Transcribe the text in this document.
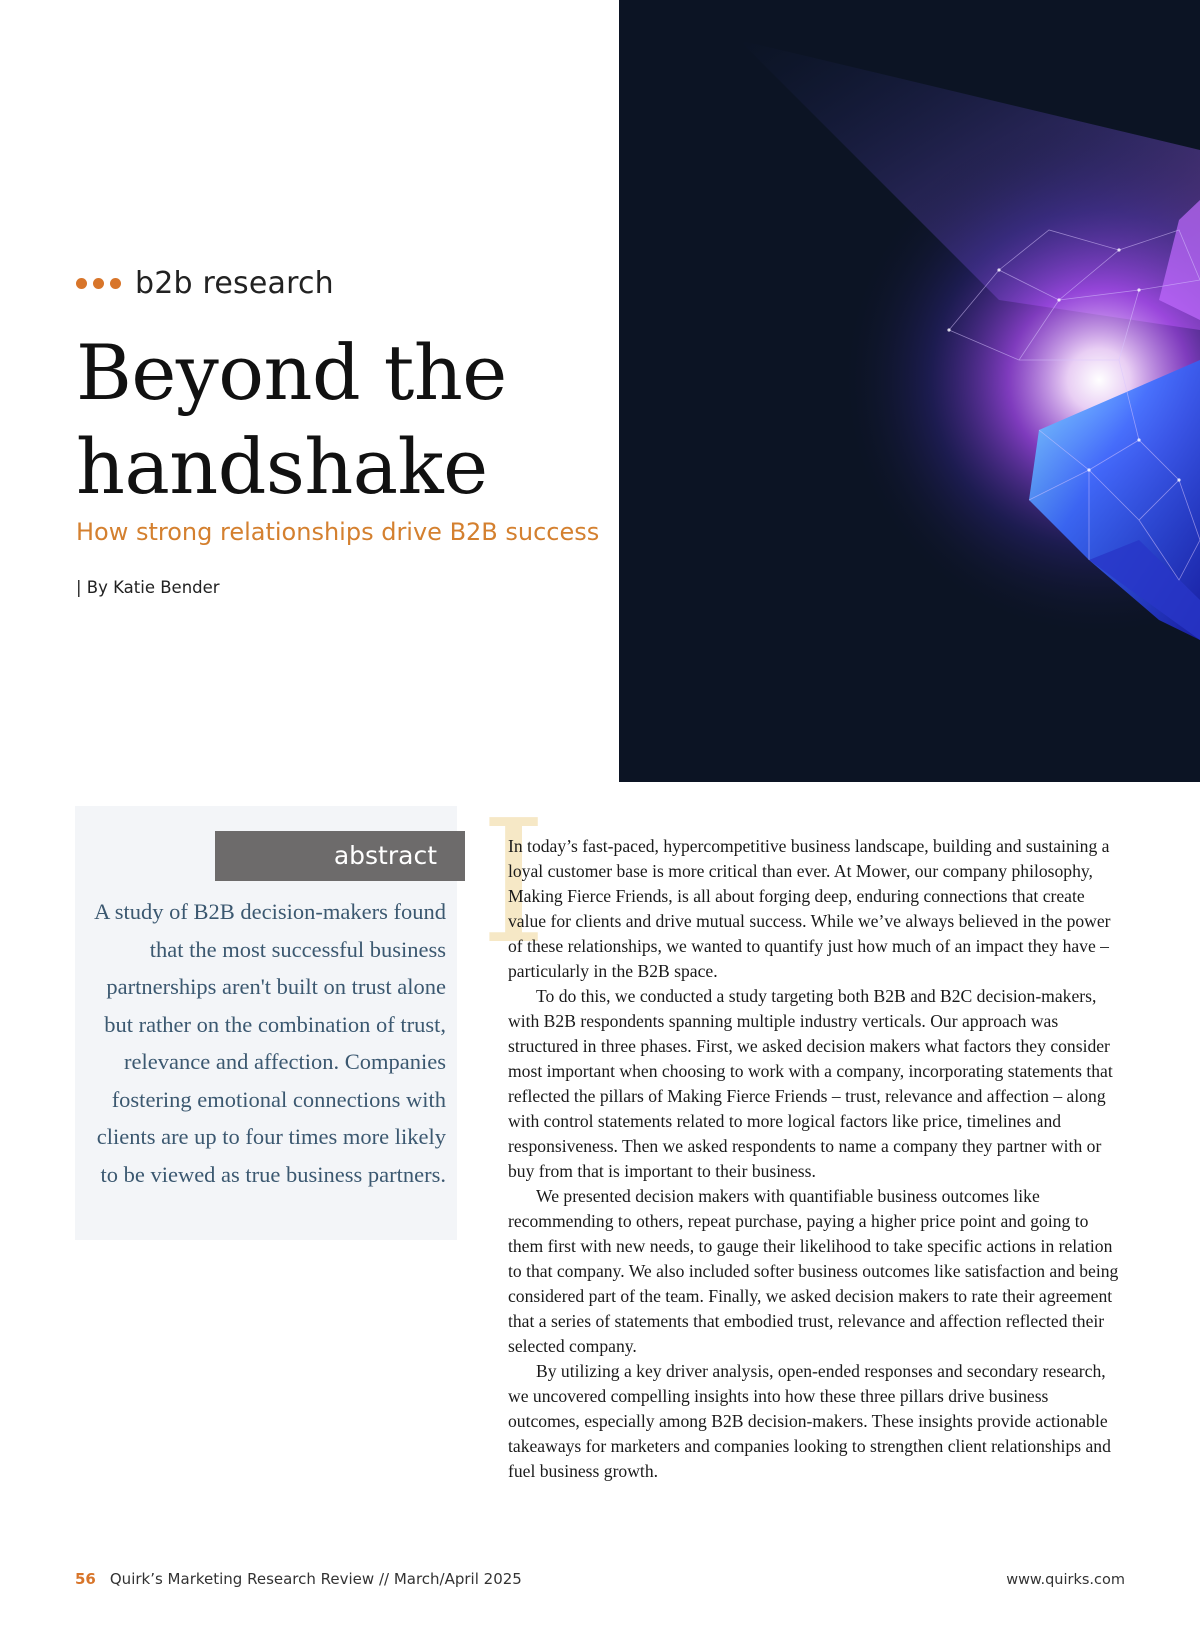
b2b research
Beyond the handshake
How strong relationships drive B2B success
| By Katie Bender
abstract

A study of B2B decision-makers found that the most successful business partnerships aren't built on trust alone but rather on the combination of trust, relevance and affection. Companies fostering emotional connections with clients are up to four times more likely to be viewed as true business partners.

I

In today’s fast-paced, hypercompetitive business landscape, building and sustaining a loyal customer base is more critical than ever. At Mower, our company philosophy, Making Fierce Friends, is all about forging deep, enduring connections that create value for clients and drive mutual success. While we’ve always believed in the power of these relationships, we wanted to quantify just how much of an impact they have – particularly in the B2B space.

To do this, we conducted a study targeting both B2B and B2C decision-makers, with B2B respondents spanning multiple industry verticals. Our approach was structured in three phases. First, we asked decision makers what factors they consider most important when choosing to work with a company, incorporating statements that reflected the pillars of Making Fierce Friends – trust, relevance and affection – along with control statements related to more logical factors like price, timelines and responsiveness. Then we asked respondents to name a company they partner with or buy from that is important to their business.

We presented decision makers with quantifiable business outcomes like recommending to others, repeat purchase, paying a higher price point and going to them first with new needs, to gauge their likelihood to take specific actions in relation to that company. We also included softer business outcomes like satisfaction and being considered part of the team. Finally, we asked decision makers to rate their agreement that a series of statements that embodied trust, relevance and affection reflected their selected company.

By utilizing a key driver analysis, open-ended responses and secondary research, we uncovered compelling insights into how these three pillars drive business outcomes, especially among B2B decision-makers. These insights provide actionable takeaways for marketers and companies looking to strengthen client relationships and fuel business growth.

56 Quirk’s Marketing Research Review // March/April 2025	www.quirks.com
